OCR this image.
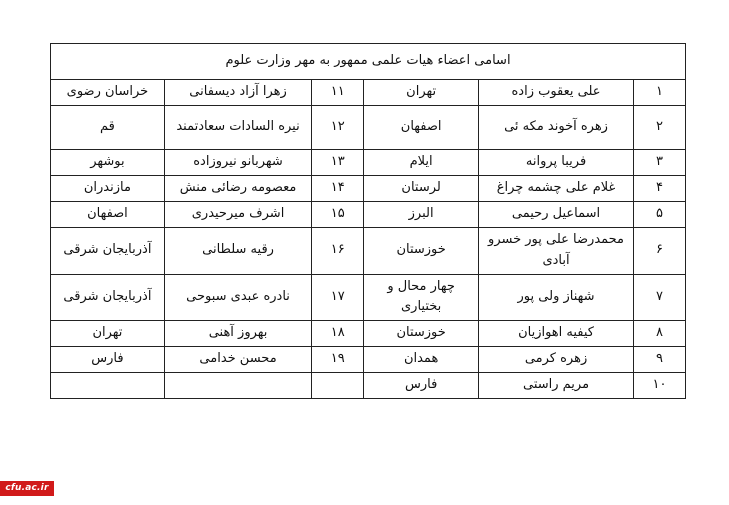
اسامی اعضاء هیات علمی ممهور به مهر وزارت علوم					
۱	علی یعقوب زاده	تهران	۱۱	زهرا آزاد دیسفانی	خراسان رضوی
۲	زهره آخوند مکه ئی	اصفهان	۱۲	نیره السادات سعادتمند	قم
۳	فریبا پروانه	ایلام	۱۳	شهربانو نیروزاده	بوشهر
۴	غلام علی چشمه چراغ	لرستان	۱۴	معصومه رضائی منش	مازندران
۵	اسماعیل رحیمی	البرز	۱۵	اشرف میرحیدری	اصفهان
۶	محمدرضا علی پور خسرو آبادی	خوزستان	۱۶	رقیه سلطانی	آذربایجان شرقی
۷	شهناز ولی پور	چهار محال و بختیاری	۱۷	نادره عبدی سبوحی	آذربایجان شرقی
۸	کیفیه اهوازیان	خوزستان	۱۸	بهروز آهنی	تهران
۹	زهره کرمی	همدان	۱۹	محسن خدامی	فارس
۱۰	مریم راستی	فارس			
cfu.ac.ir
